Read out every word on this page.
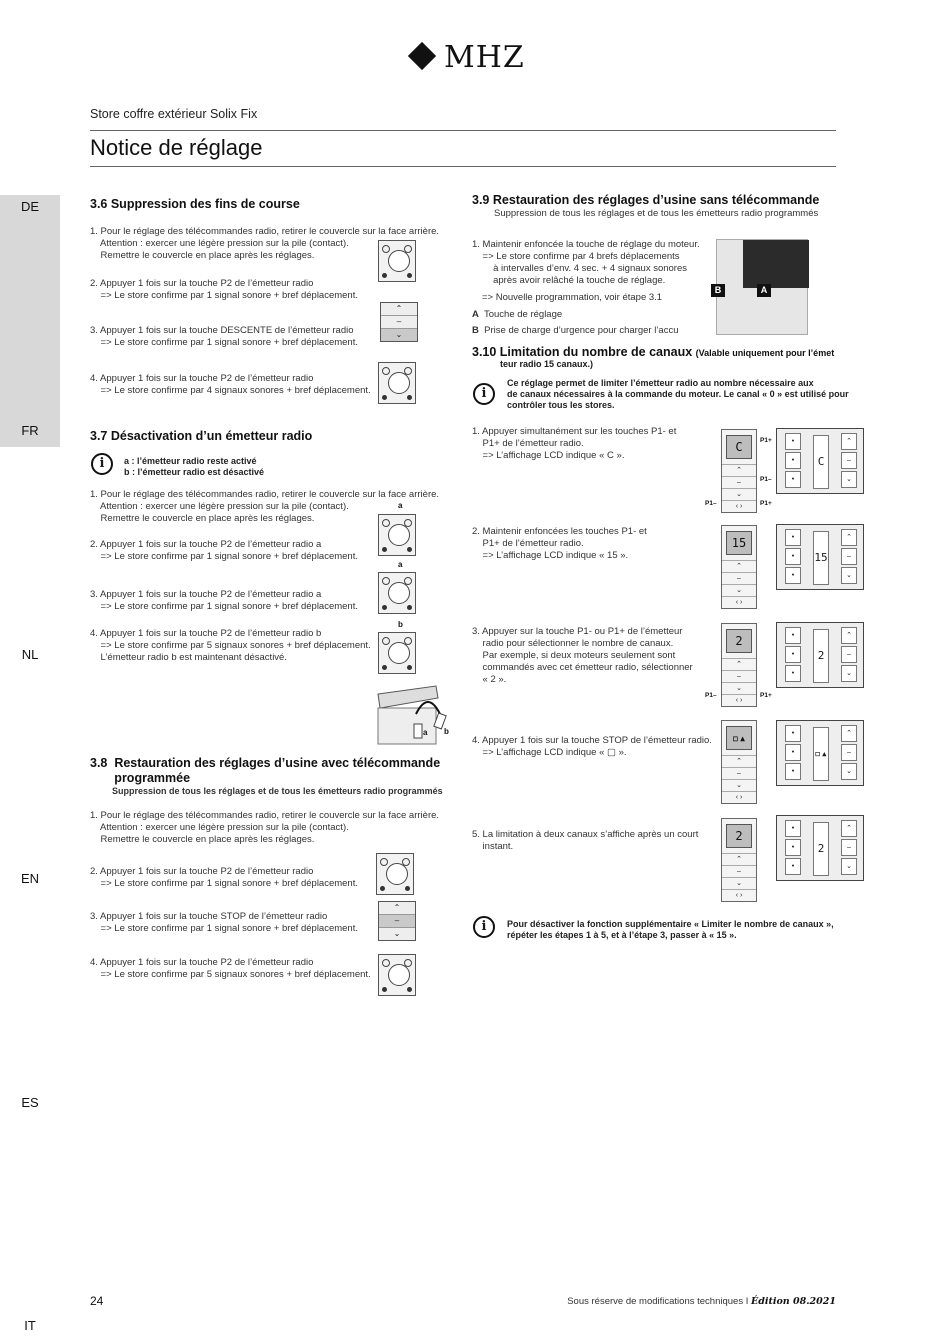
MHZ
Store coffre extérieur Solix Fix
Notice de réglage
DE
FR
NL
EN
ES
IT
3.6 Suppression des fins de course
1. Pour le réglage des télécommandes radio, retirer le couvercle sur la face arrière.
Attention : exercer une légère pression sur la pile (contact).
Remettre le couvercle en place après les réglages.
2. Appuyer 1 fois sur la touche P2 de l’émetteur radio
=> Le store confirme par 1 signal sonore + bref déplacement.
⌃
–
⌄
3. Appuyer 1 fois sur la touche DESCENTE de l’émetteur radio
=> Le store confirme par 1 signal sonore + bref déplacement.
4. Appuyer 1 fois sur la touche P2 de l’émetteur radio
=> Le store confirme par 4 signaux sonores + bref déplacement.
3.7 Désactivation d’un émetteur radio
i	a : l’émetteur radio reste activé
b : l’émetteur radio est désactivé
1. Pour le réglage des télécommandes radio, retirer le couvercle sur la face arrière.
Attention : exercer une légère pression sur la pile (contact).
Remettre le couvercle en place après les réglages.
a
2. Appuyer 1 fois sur la touche P2 de l’émetteur radio a
=> Le store confirme par 1 signal sonore + bref déplacement.
a
3. Appuyer 1 fois sur la touche P2 de l’émetteur radio a
=> Le store confirme par 1 signal sonore + bref déplacement.
b
4. Appuyer 1 fois sur la touche P2 de l’émetteur radio b
=> Le store confirme par 5 signaux sonores + bref déplacement.
L’émetteur radio b est maintenant désactivé.
a b
3.8  Restauration des réglages d’usine avec télécommande
programmée
Suppression de tous les réglages et de tous les émetteurs radio programmés
1. Pour le réglage des télécommandes radio, retirer le couvercle sur la face arrière.
Attention : exercer une légère pression sur la pile (contact).
Remettre le couvercle en place après les réglages.
2. Appuyer 1 fois sur la touche P2 de l’émetteur radio
=> Le store confirme par 1 signal sonore + bref déplacement.
⌃
–
⌄
3. Appuyer 1 fois sur la touche STOP de l’émetteur radio
=> Le store confirme par 1 signal sonore + bref déplacement.
4. Appuyer 1 fois sur la touche P2 de l’émetteur radio
=> Le store confirme par 5 signaux sonores + bref déplacement.
3.9 Restauration des réglages d’usine sans télécommande
Suppression de tous les réglages et de tous les émetteurs radio programmés
1. Maintenir enfoncée la touche de réglage du moteur.
=> Le store confirme par 4 brefs déplacements
à intervalles d’env. 4 sec. + 4 signaux sonores
après avoir relâché la touche de réglage.
=> Nouvelle programmation, voir étape 3.1
A Touche de réglage
B Prise de charge d’urgence pour charger l’accu
B	A
3.10 Limitation du nombre de canaux (Valable uniquement pour l’émet
teur radio 15 canaux.)
i
Ce réglage permet de limiter l’émetteur radio au nombre nécessaire aux
de canaux nécessaires à la commande du moteur. Le canal « 0 » est utilisé pour
contrôler tous les stores.
1. Appuyer simultanément sur les touches P1- et
P1+ de l’émetteur radio.
=> L’affichage LCD indique « C ».
C
⌃
–
⌄
‹ ›
•
•
•
C
⌃
–
⌄
P1+
P1–
P1–	P1+
2. Maintenir enfoncées les touches P1- et
P1+ de l’émetteur radio.
=> L’affichage LCD indique « 15 ».
15
⌃
–
⌄
‹ ›
•
•
•
15
⌃
–
⌄
3. Appuyer sur la touche P1- ou P1+ de l’émetteur
radio pour sélectionner le nombre de canaux.
Par exemple, si deux moteurs seulement sont
commandés avec cet émetteur radio, sélectionner
« 2 ».
2
⌃
–
⌄
‹ ›
•
•
•
2
⌃
–
⌄
P1–	P1+
4. Appuyer 1 fois sur la touche STOP de l’émetteur radio.
=> L’affichage LCD indique « ▢ ».
▫▴
⌃
–
⌄
‹ ›
•
•
•
▫▴
⌃
–
⌄
5. La limitation à deux canaux s’affiche après un court
instant.
2
⌃
–
⌄
‹ ›
•
•
•
2
⌃
–
⌄
i	Pour désactiver la fonction supplémentaire « Limiter le nombre de canaux »,
répéter les étapes 1 à 5, et à l’étape 3, passer à « 15 ».
24	Sous réserve de modifications techniques I Édition 08.2021
